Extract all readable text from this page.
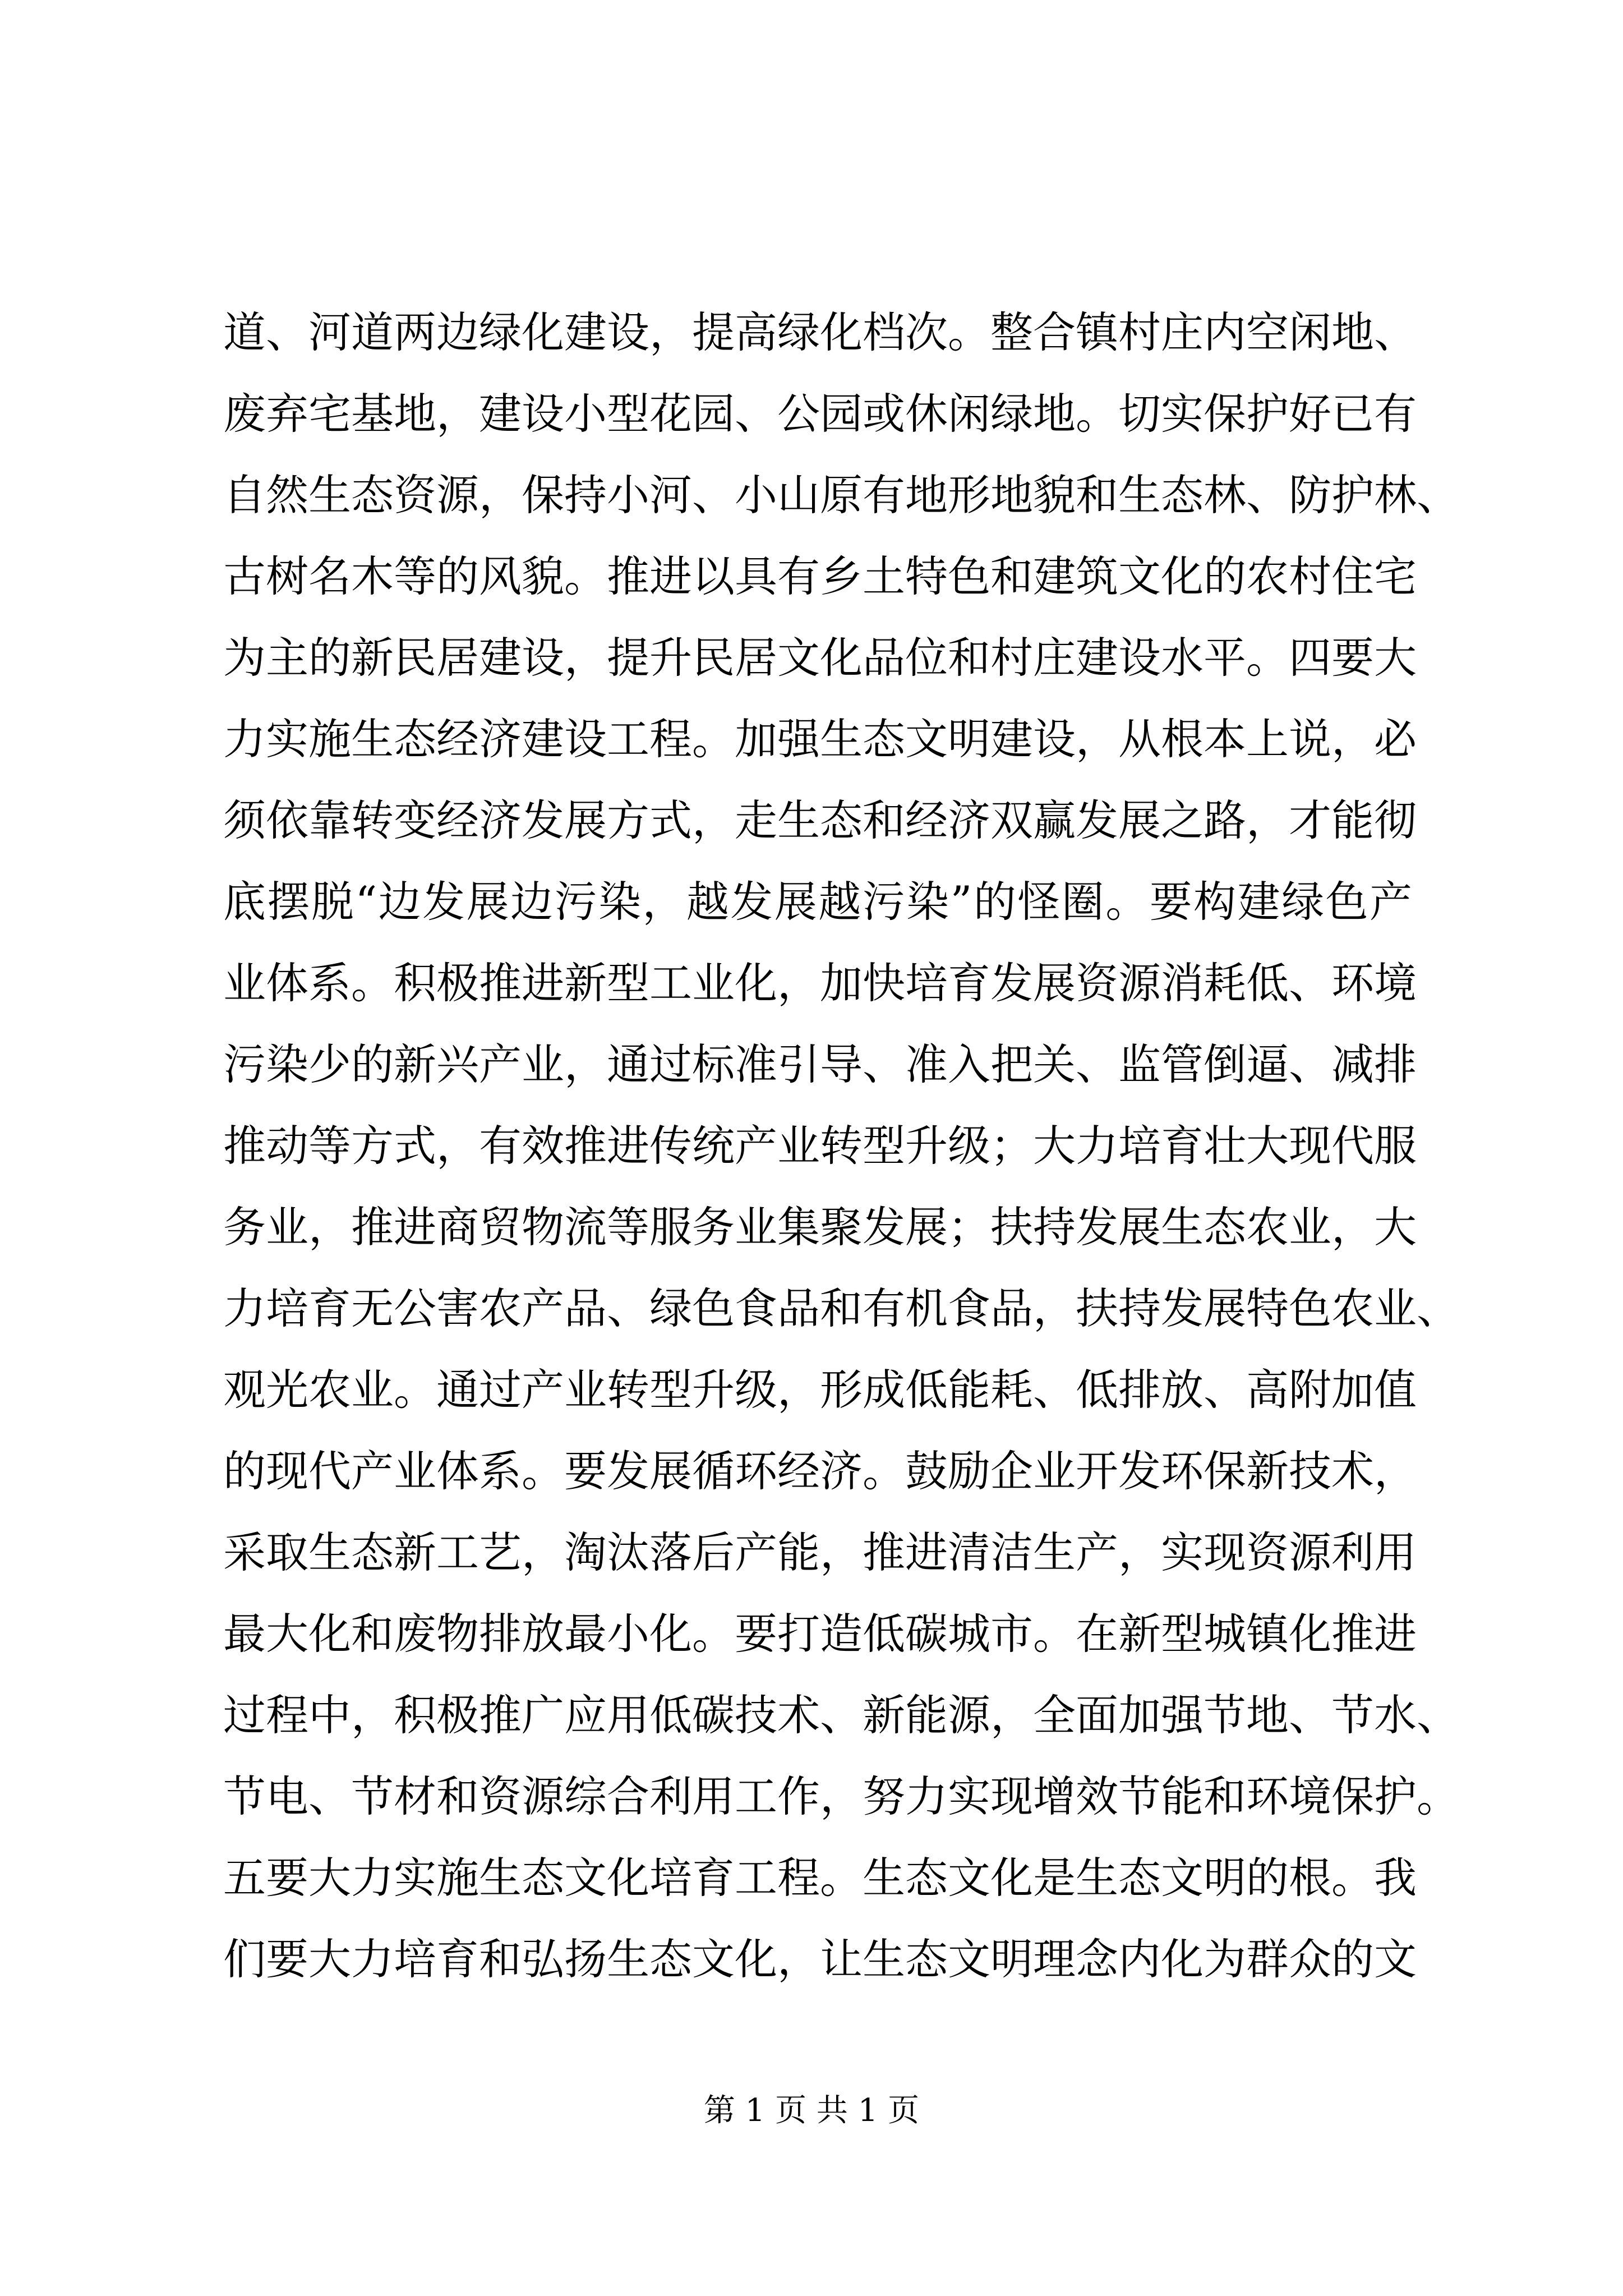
道、河道两边绿化建设，提高绿化档次。整合镇村庄内空闲地、
废弃宅基地，建设小型花园、公园或休闲绿地。切实保护好已有
自然生态资源，保持小河、小山原有地形地貌和生态林、防护林、
古树名木等的风貌。推进以具有乡土特色和建筑文化的农村住宅
为主的新民居建设，提升民居文化品位和村庄建设水平。四要大
力实施生态经济建设工程。加强生态文明建设，从根本上说，必
须依靠转变经济发展方式，走生态和经济双赢发展之路，才能彻
底摆脱“边发展边污染，越发展越污染”的怪圈。要构建绿色产
业体系。积极推进新型工业化，加快培育发展资源消耗低、环境
污染少的新兴产业，通过标准引导、准入把关、监管倒逼、减排
推动等方式，有效推进传统产业转型升级；大力培育壮大现代服
务业，推进商贸物流等服务业集聚发展；扶持发展生态农业，大
力培育无公害农产品、绿色食品和有机食品，扶持发展特色农业、
观光农业。通过产业转型升级，形成低能耗、低排放、高附加值
的现代产业体系。要发展循环经济。鼓励企业开发环保新技术，
采取生态新工艺，淘汰落后产能，推进清洁生产，实现资源利用
最大化和废物排放最小化。要打造低碳城市。在新型城镇化推进
过程中，积极推广应用低碳技术、新能源，全面加强节地、节水、
节电、节材和资源综合利用工作，努力实现增效节能和环境保护。
五要大力实施生态文化培育工程。生态文化是生态文明的根。我
们要大力培育和弘扬生态文化，让生态文明理念内化为群众的文
第 1 页 共 1 页
